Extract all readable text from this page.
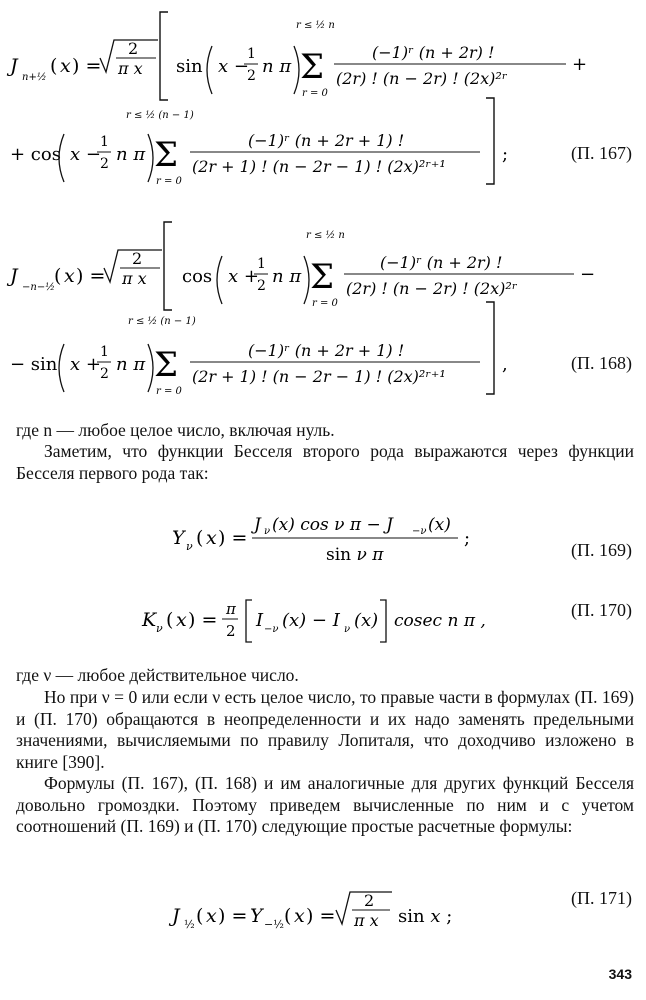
J
n+½
( x ) =
2
π x sin x −
1
2 n π
r ≤ ½ n
Σ
r = 0
(−1)ʳ (n + 2r) !
(2r) ! (n − 2r) ! (2x)²ʳ
+
r ≤ ½ (n − 1)
+ cos x −
1
2 n π Σ
r = 0
(−1)ʳ (n + 2r + 1) !
(2r + 1) ! (n − 2r − 1) ! (2x)²ʳ⁺¹
;	(П. 167)
J
−n−½
( x ) =
2
π x cos x +
1
2 n π
r ≤ ½ n
Σ
r = 0
(−1)ʳ (n + 2r) !
(2r) ! (n − 2r) ! (2x)²ʳ
−
r ≤ ½ (n − 1)
− sin x +
1
2 n π Σ
r = 0
(−1)ʳ (n + 2r + 1) !
(2r + 1) ! (n − 2r − 1) ! (2x)²ʳ⁺¹
,	(П. 168)
где n — любое целое число, включая нуль.
Заметим, что функции Бесселя второго рода выражаются через функции Бесселя первого рода так:
Y ν ( x ) =
J ν (x) cos ν π − J −ν (x)
sin ν π
;
(П. 169)
K ν ( x ) = π
2 I −ν (x) − I ν (x) cosec n π ,
(П. 170)
где ν — любое действительное число.
Но при ν = 0 или если ν есть целое число, то правые части в формулах (П. 169) и (П. 170) обращаются в неопределенности и их надо заменять предельными значениями, вычисляемыми по правилу Лопиталя, что доходчиво изложено в книге [390].
Формулы (П. 167), (П. 168) и им аналогичные для других функций Бесселя довольно громоздки. Поэтому приведем вычисленные по ним и с учетом соотношений (П. 169) и (П. 170) следующие простые расчетные формулы:
J ½ ( x ) = Y −½ ( x ) =
2
π x sin x ;
(П. 171)
343
